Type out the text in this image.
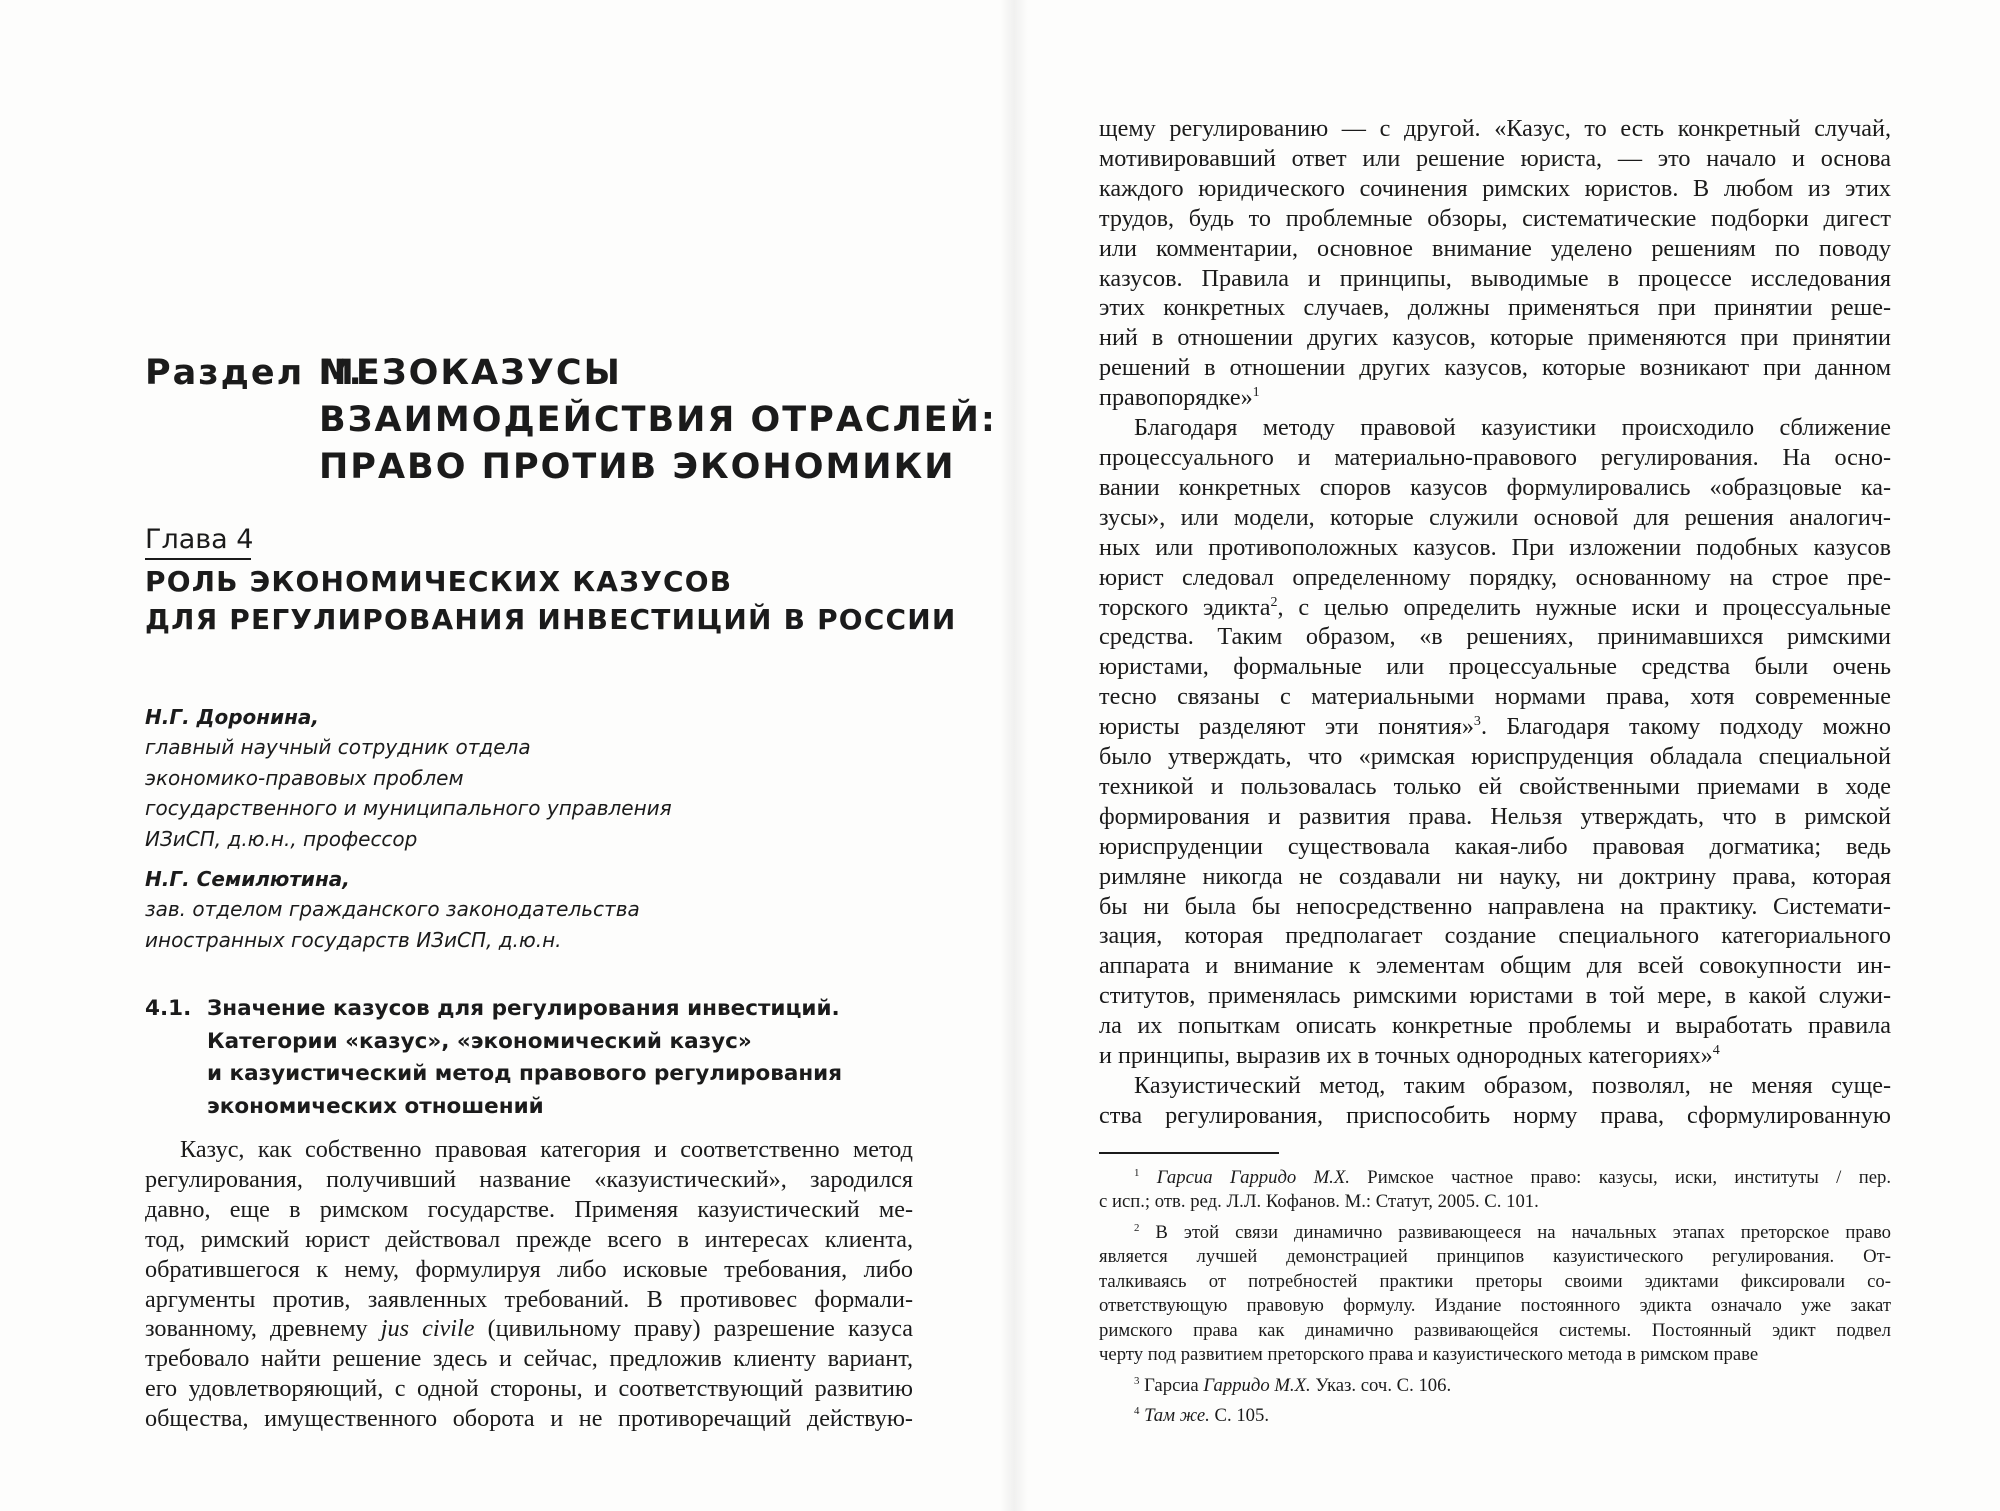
Раздел II.МЕЗОКАЗУСЫ
ВЗАИМОДЕЙСТВИЯ ОТРАСЛЕЙ:
ПРАВО ПРОТИВ ЭКОНОМИКИ
Глава 4
РОЛЬ ЭКОНОМИЧЕСКИХ КАЗУСОВ
ДЛЯ РЕГУЛИРОВАНИЯ ИНВЕСТИЦИЙ В РОССИИ
Н.Г. Доронина,
главный научный сотрудник отдела
экономико-правовых проблем
государственного и муниципального управления
ИЗиСП, д.ю.н., профессор
Н.Г. Семилютина,
зав. отделом гражданского законодательства
иностранных государств ИЗиСП, д.ю.н.
4.1. Значение казусов для регулирования инвестиций.
Категории «казус», «экономический казус»
и казуистический метод правового регулирования
экономических отношений
Казус, как собственно правовая категория и соответственно метод
регулирования, получивший название «казуистический», зародился
давно, еще в римском государстве. Применяя казуистический ме-
тод, римский юрист действовал прежде всего в интересах клиента,
обратившегося к нему, формулируя либо исковые требования, либо
аргументы против, заявленных требований. В противовес формали-
зованному, древнему jus civile (цивильному праву) разрешение казуса
требовало найти решение здесь и сейчас, предложив клиенту вариант,
его удовлетворяющий, с одной стороны, и соответствующий развитию
общества, имущественного оборота и не противоречащий действую-
щему регулированию — с другой. «Казус, то есть конкретный случай,
мотивировавший ответ или решение юриста, — это начало и основа
каждого юридического сочинения римских юристов. В любом из этих
трудов, будь то проблемные обзоры, систематические подборки дигест
или комментарии, основное внимание уделено решениям по поводу
казусов. Правила и принципы, выводимые в процессе исследования
этих конкретных случаев, должны применяться при принятии реше-
ний в отношении других казусов, которые применяются при принятии
решений в отношении других казусов, которые возникают при данном
правопорядке»$^1$
Благодаря методу правовой казуистики происходило сближение
процессуального и материально-правового регулирования. На осно-
вании конкретных споров казусов формулировались «образцовые ка-
зусы», или модели, которые служили основой для решения аналогич-
ных или противоположных казусов. При изложении подобных казусов
юрист следовал определенному порядку, основанному на строе пре-
торского эдикта$^2$, с целью определить нужные иски и процессуальные
средства. Таким образом, «в решениях, принимавшихся римскими
юристами, формальные или процессуальные средства были очень
тесно связаны с материальными нормами права, хотя современные
юристы разделяют эти понятия»$^3$. Благодаря такому подходу можно
было утверждать, что «римская юриспруденция обладала специальной
техникой и пользовалась только ей свойственными приемами в ходе
формирования и развития права. Нельзя утверждать, что в римской
юриспруденции существовала какая-либо правовая догматика; ведь
римляне никогда не создавали ни науку, ни доктрину права, которая
бы ни была бы непосредственно направлена на практику. Системати-
зация, которая предполагает создание специального категориального
аппарата и внимание к элементам общим для всей совокупности ин-
ститутов, применялась римскими юристами в той мере, в какой служи-
ла их попыткам описать конкретные проблемы и выработать правила
и принципы, выразив их в точных однородных категориях»$^4$
Казуистический метод, таким образом, позволял, не меняя суще-
ства регулирования, приспособить норму права, сформулированную
$^1$ Гарсиа Гарридо М.Х. Римское частное право: казусы, иски, институты / пер.
с исп.; отв. ред. Л.Л. Кофанов. М.: Статут, 2005. С. 101.
$^2$ В этой связи динамично развивающееся на начальных этапах преторское право
является лучшей демонстрацией принципов казуистического регулирования. От-
талкиваясь от потребностей практики преторы своими эдиктами фиксировали со-
ответствующую правовую формулу. Издание постоянного эдикта означало уже закат
римского права как динамично развивающейся системы. Постоянный эдикт подвел
черту под развитием преторского права и казуистического метода в римском праве
$^3$ Гарсиа Гарридо М.Х. Указ. соч. С. 106.
$^4$ Там же. С. 105.
